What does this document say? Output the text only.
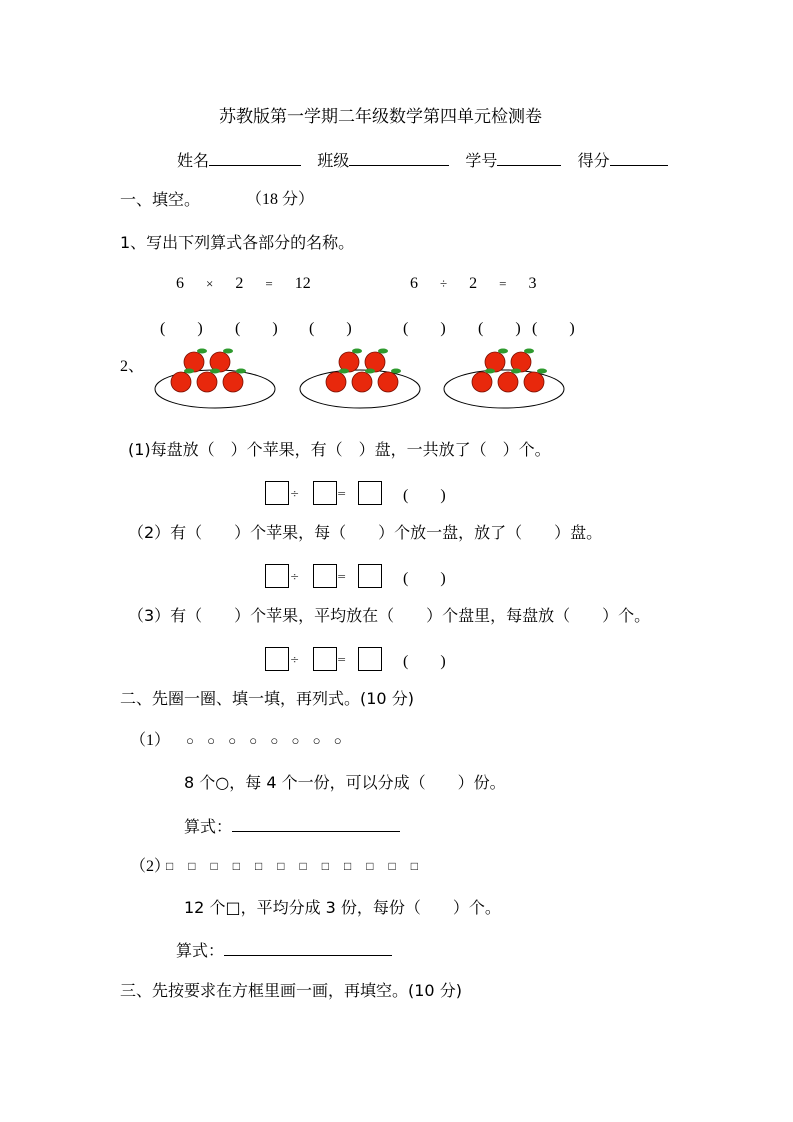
苏教版第一学期二年级数学第四单元检测卷
姓名	班级	学号	得分
一、填空。	（18 分）
1、写出下列算式各部分的名称。
6 × 2 = 12	6 ÷ 2 = 3
(　　) (　　) (　　)	(　　) (　　) (　　)
2、
(1)每盘放（　）个苹果，有（　）盘，一共放了（　）个。
÷	=	(　　)
（2）有（　　）个苹果，每（　　）个放一盘，放了（　　）盘。
÷	=	(　　)
（3）有（　　）个苹果，平均放在（　　）个盘里，每盘放（　　）个。
÷	=	(　　)
二、先圈一圈、填一填，再列式。(10 分)
（1） ○ ○ ○ ○ ○ ○ ○ ○
8 个○，每 4 个一份，可以分成（　　）份。
算式：
（2）
□ □ □ □ □ □ □ □ □ □ □ □
12 个□，平均分成 3 份，每份（　　）个。
算式：
三、先按要求在方框里画一画，再填空。(10 分)
